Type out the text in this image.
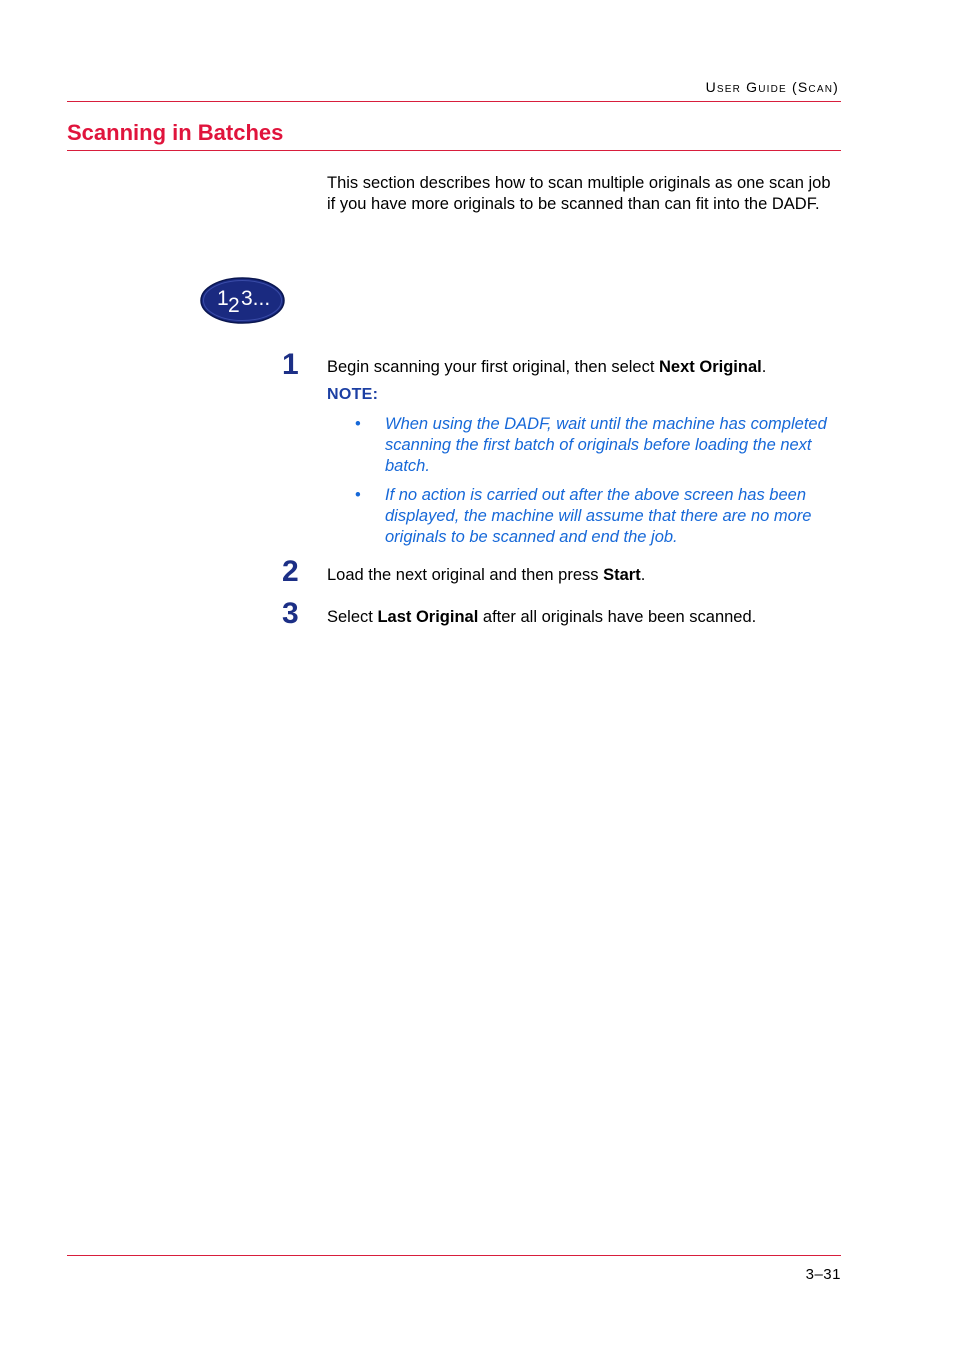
User Guide (Scan)
Scanning in Batches

This section describes how to scan multiple originals as one scan job if you have more originals to be scanned than can fit into the DADF.

1 2 3...
1 Begin scanning your first original, then select Next Original.
NOTE:
• When using the DADF, wait until the machine has completed scanning the first batch of originals before loading the next batch.
• If no action is carried out after the above screen has been displayed, the machine will assume that there are no more originals to be scanned and end the job.
2 Load the next original and then press Start.
3 Select Last Original after all originals have been scanned.
3–31
